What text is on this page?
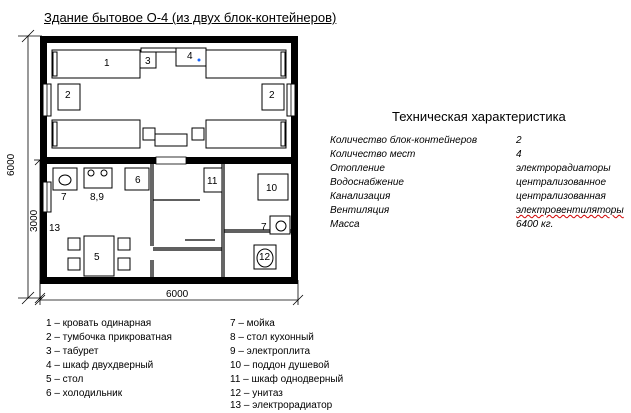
Здание бытовое О-4 (из двух блок-контейнеров)
1
2
3	4
2
6
7 8,9
11
10
13
5
7
12
6000
3000
6000
Техническая характеристика
Количество блок-контейнеров	2
Количество мест	4
Отопление	электрорадиаторы
Водоснабжение	централизованное
Канализация	централизованная
Вентиляция	электровентиляторы
Масса	6400 кг.
1 – кровать одинарная
2 – тумбочка прикроватная
3 – табурет
4 – шкаф двухдверный
5 – стол
6 – холодильник
7 – мойка
8 – стол кухонный
9 – электроплита
10 – поддон душевой
11 – шкаф однодверный
12 – унитаз
13 – электрорадиатор
